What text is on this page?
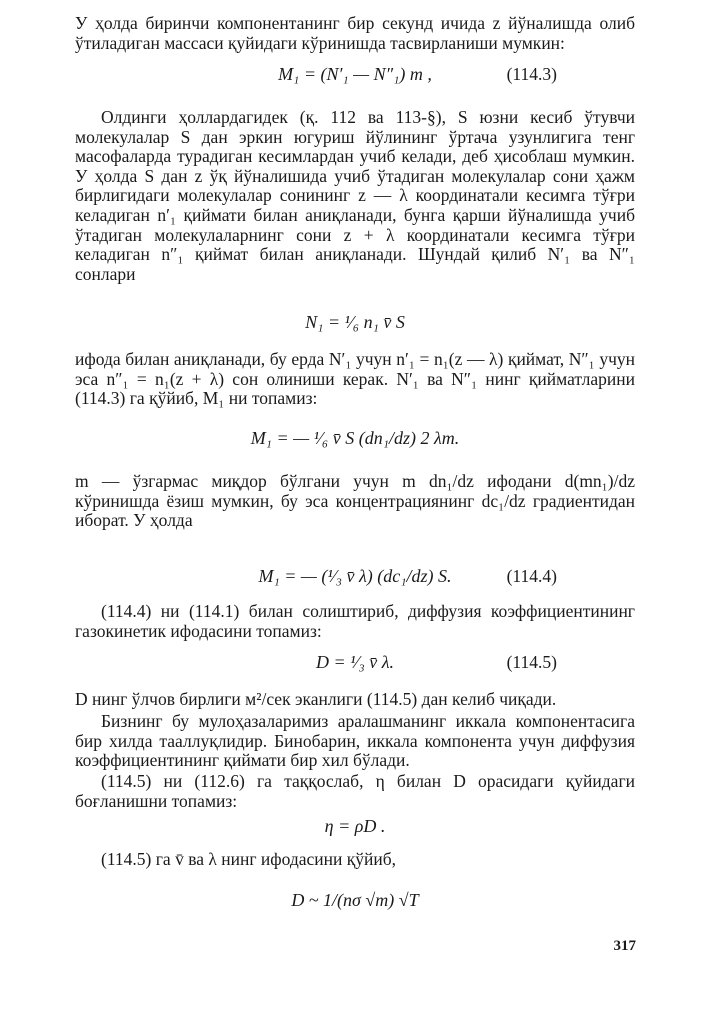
У ҳолда биринчи компонентанинг бир секунд ичида z йўналишда олиб ўтиладиган массаси қуйидаги кўринишда тасвирланиши мумкин:
M₁ = (N′₁ — N″₁) m ,	(114.3)
Олдинги ҳоллардагидек (қ. 112 ва 113-§), S юзни кесиб ўтувчи молекулалар S дан эркин югуриш йўлининг ўртача узунлигига тенг масофаларда турадиган кесимлардан учиб келади, деб ҳисоблаш мумкин. У ҳолда S дан z ўқ йўналишида учиб ўтадиган молекулалар сони ҳажм бирлигидаги молекулалар сонининг z — λ координатали кесимга тўғри келадиган n′₁ қиймати билан аниқланади, бунга қарши йўналишда учиб ўтадиган молекулаларнинг сони z + λ координатали кесимга тўғри келадиган n″₁ қиймат билан аниқланади. Шундай қилиб N′₁ ва N″₁ сонлари
N₁ = ¹⁄₆ n₁ v̄ S
ифода билан аниқланади, бу ерда N′₁ учун n′₁ = n₁(z — λ) қиймат, N″₁ учун эса n″₁ = n₁(z + λ) сон олиниши керак. N′₁ ва N″₁ нинг қийматларини (114.3) га қўйиб, M₁ ни топамиз:
M₁ = — ¹⁄₆ v̄ S (dn₁/dz) 2 λm.
m — ўзгармас миқдор бўлгани учун m dn₁/dz ифодани d(mn₁)/dz кўринишда ёзиш мумкин, бу эса концентрациянинг dc₁/dz градиентидан иборат. У ҳолда
M₁ = — (¹⁄₃ v̄ λ) (dc₁/dz) S.	(114.4)
(114.4) ни (114.1) билан солиштириб, диффузия коэффициентининг газокинетик ифодасини топамиз:
D = ¹⁄₃ v̄ λ.	(114.5)
D нинг ўлчов бирлиги м²/сек эканлиги (114.5) дан келиб чиқади.
Бизнинг бу мулоҳазаларимиз аралашманинг иккала компонентасига бир хилда тааллуқлидир. Бинобарин, иккала компонента учун диффузия коэффициентининг қиймати бир хил бўлади.
(114.5) ни (112.6) га таққослаб, η билан D орасидаги қуйидаги боғланишни топамиз:
η = ρD .
(114.5) га v̄ ва λ нинг ифодасини қўйиб,
D ~ 1/(nσ √m) √T
317
